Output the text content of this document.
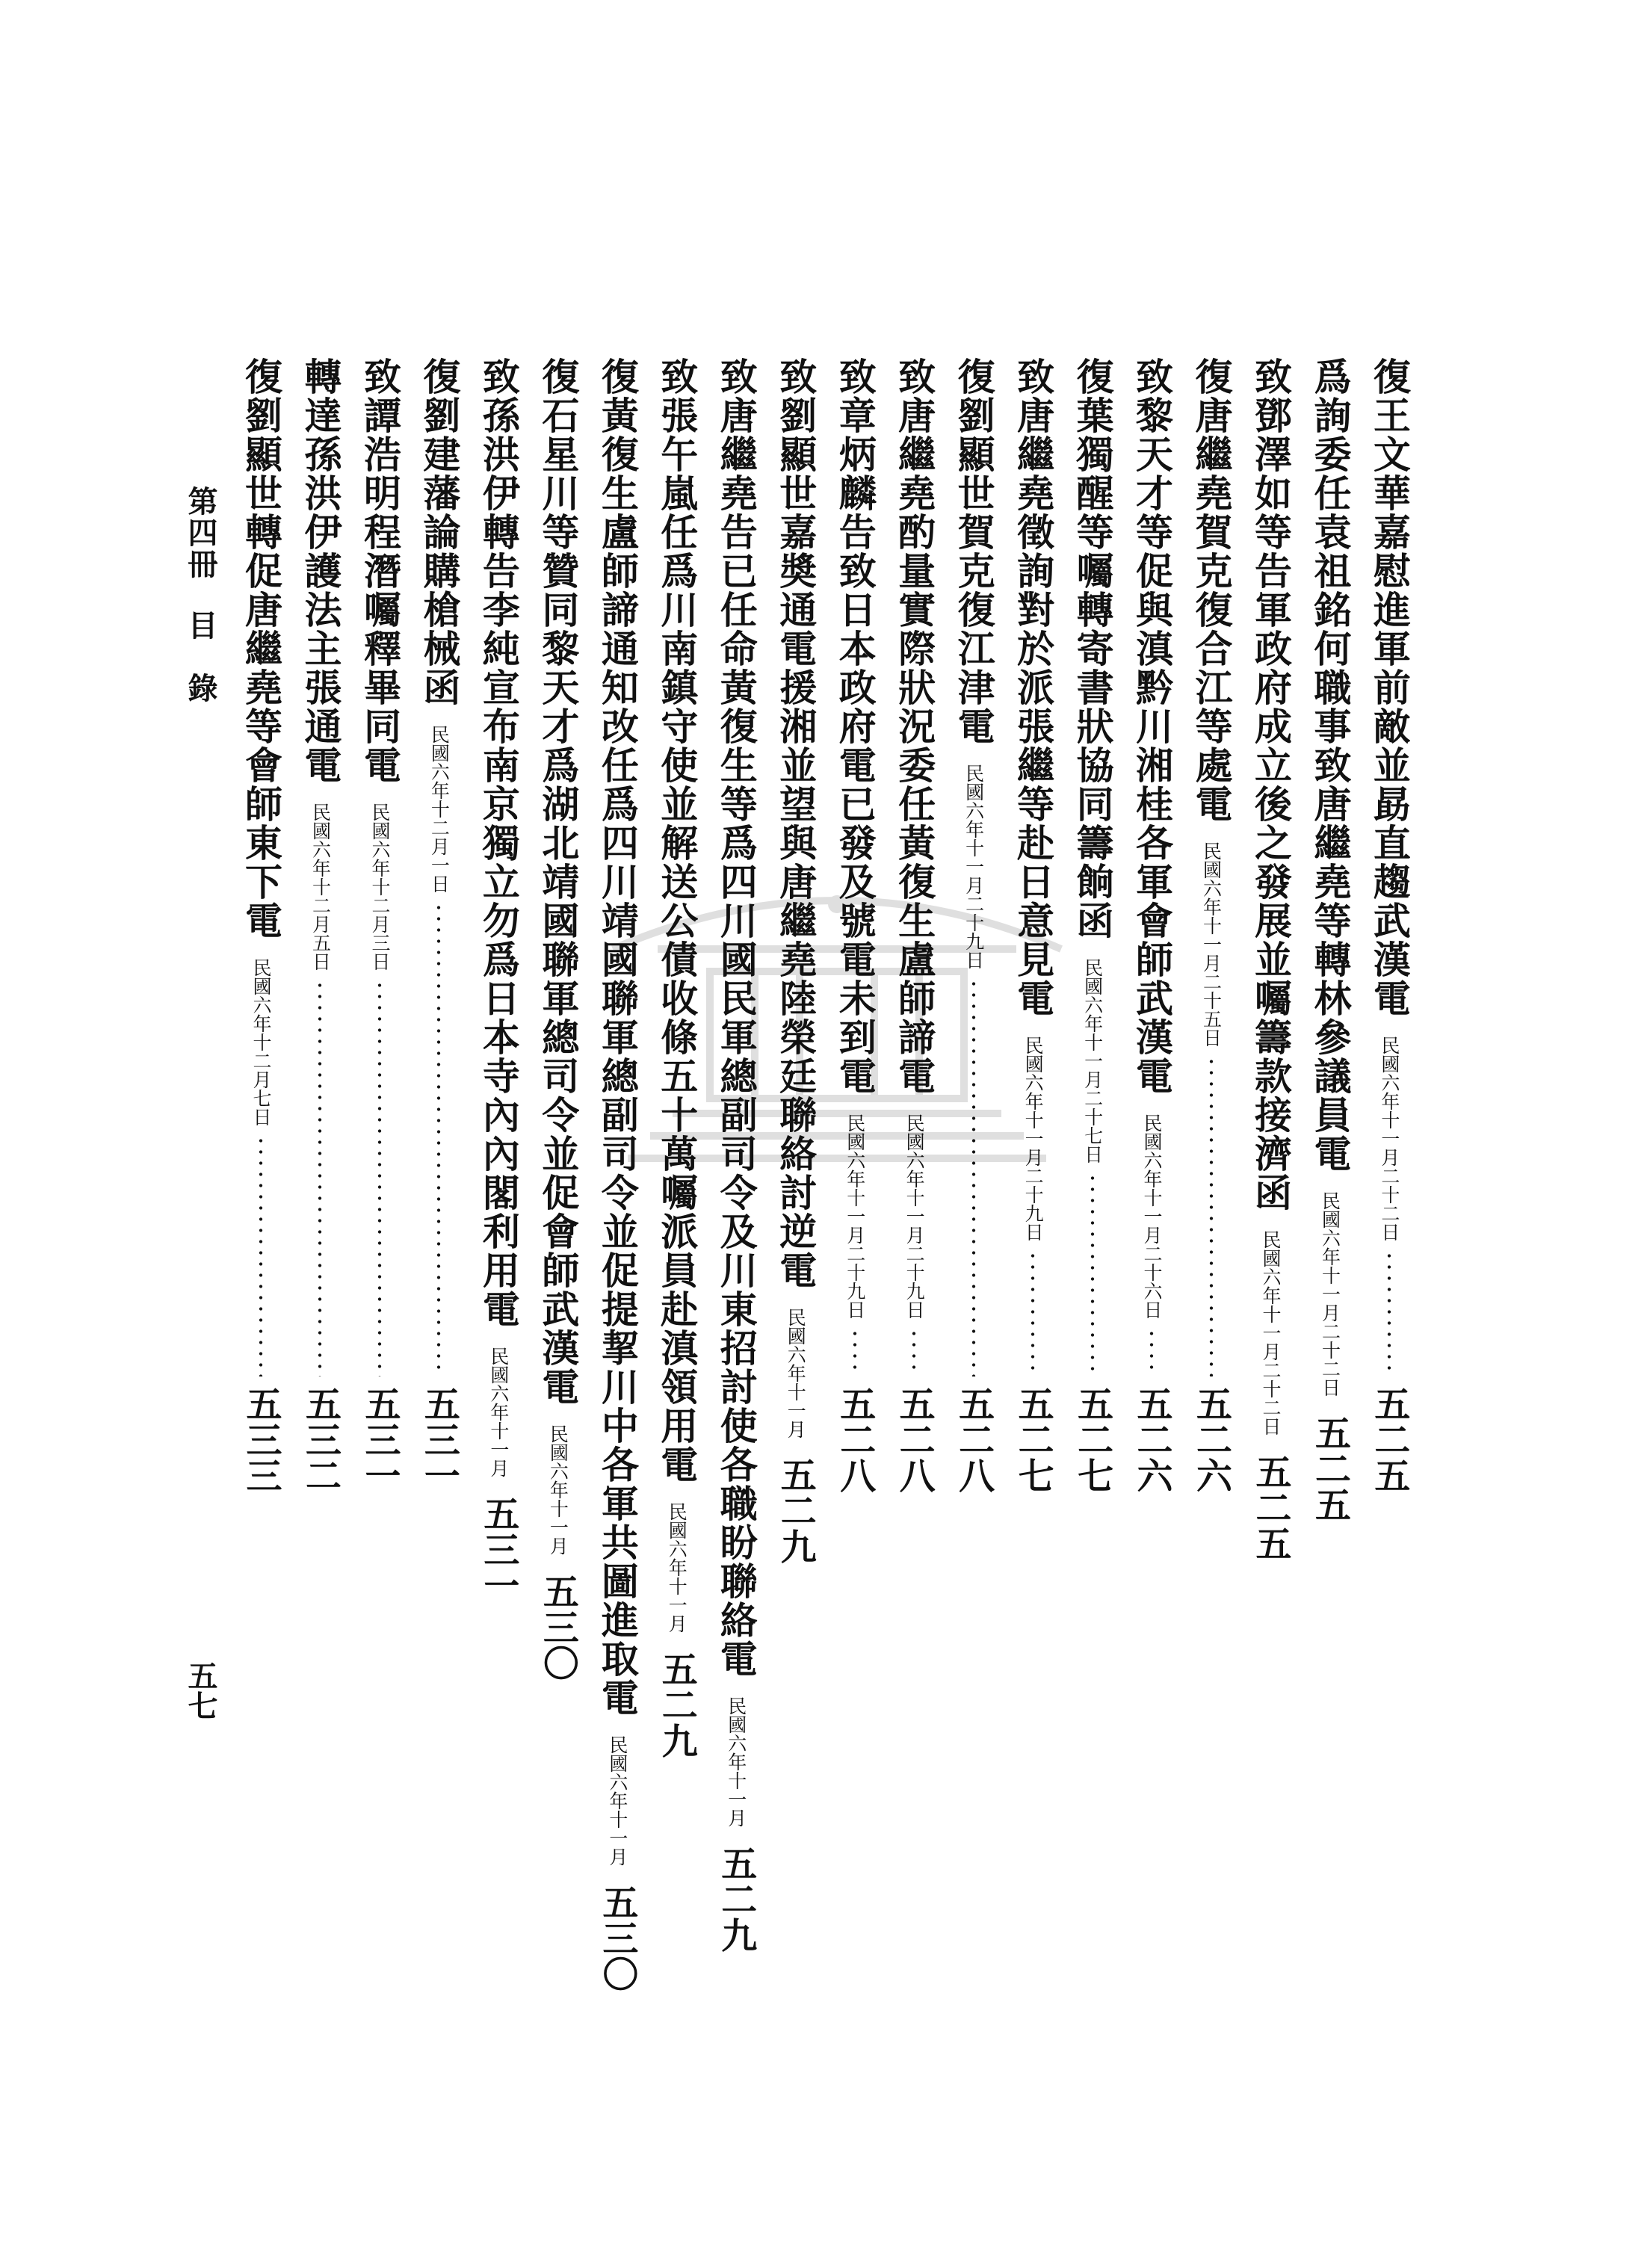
復王文華嘉慰進軍前敵並勗直趨武漢電
民國六年十一月二十二日
五二五
爲詢委任袁祖銘何職事致唐繼堯等轉林參議員電
民國六年十一月二十二日
五二五
致鄧澤如等告軍政府成立後之發展並囑籌款接濟函
民國六年十一月二十二日
五二五
復唐繼堯賀克復合江等處電
民國六年十一月二十五日
五二六
致黎天才等促與滇黔川湘桂各軍會師武漢電
民國六年十一月二十六日
五二六
復葉獨醒等囑轉寄書狀協同籌餉函
民國六年十一月二十七日
五二七
致唐繼堯徵詢對於派張繼等赴日意見電
民國六年十一月二十九日
五二七
復劉顯世賀克復江津電
民國六年十一月二十九日
五二八
致唐繼堯酌量實際狀況委任黃復生盧師諦電
民國六年十一月二十九日
五二八
致章炳麟告致日本政府電已發及號電未到電
民國六年十一月二十九日
五二八
致劉顯世嘉奬通電援湘並望與唐繼堯陸榮廷聯絡討逆電
民國六年十一月
五二九
致唐繼堯告已任命黃復生等爲四川國民軍總副司令及川東招討使各職盼聯絡電
民國六年十一月
五二九
致張午嵐任爲川南鎮守使並解送公債收條五十萬囑派員赴滇領用電
民國六年十一月
五二九
復黃復生盧師諦通知改任爲四川靖國聯軍總副司令並促提挈川中各軍共圖進取電
民國六年十一月
五三〇
復石星川等贊同黎天才爲湖北靖國聯軍總司令並促會師武漢電
民國六年十一月
五三〇
致孫洪伊轉告李純宣布南京獨立勿爲日本寺內內閣利用電
民國六年十一月
五三一
復劉建藩論購槍械函
民國六年十二月一日
五三一
致譚浩明程潛囑釋畢同電
民國六年十二月三日
五三一
轉達孫洪伊護法主張通電
民國六年十二月五日
五三二
復劉顯世轉促唐繼堯等會師東下電
民國六年十二月七日
五三三
第四冊目　錄
五七
